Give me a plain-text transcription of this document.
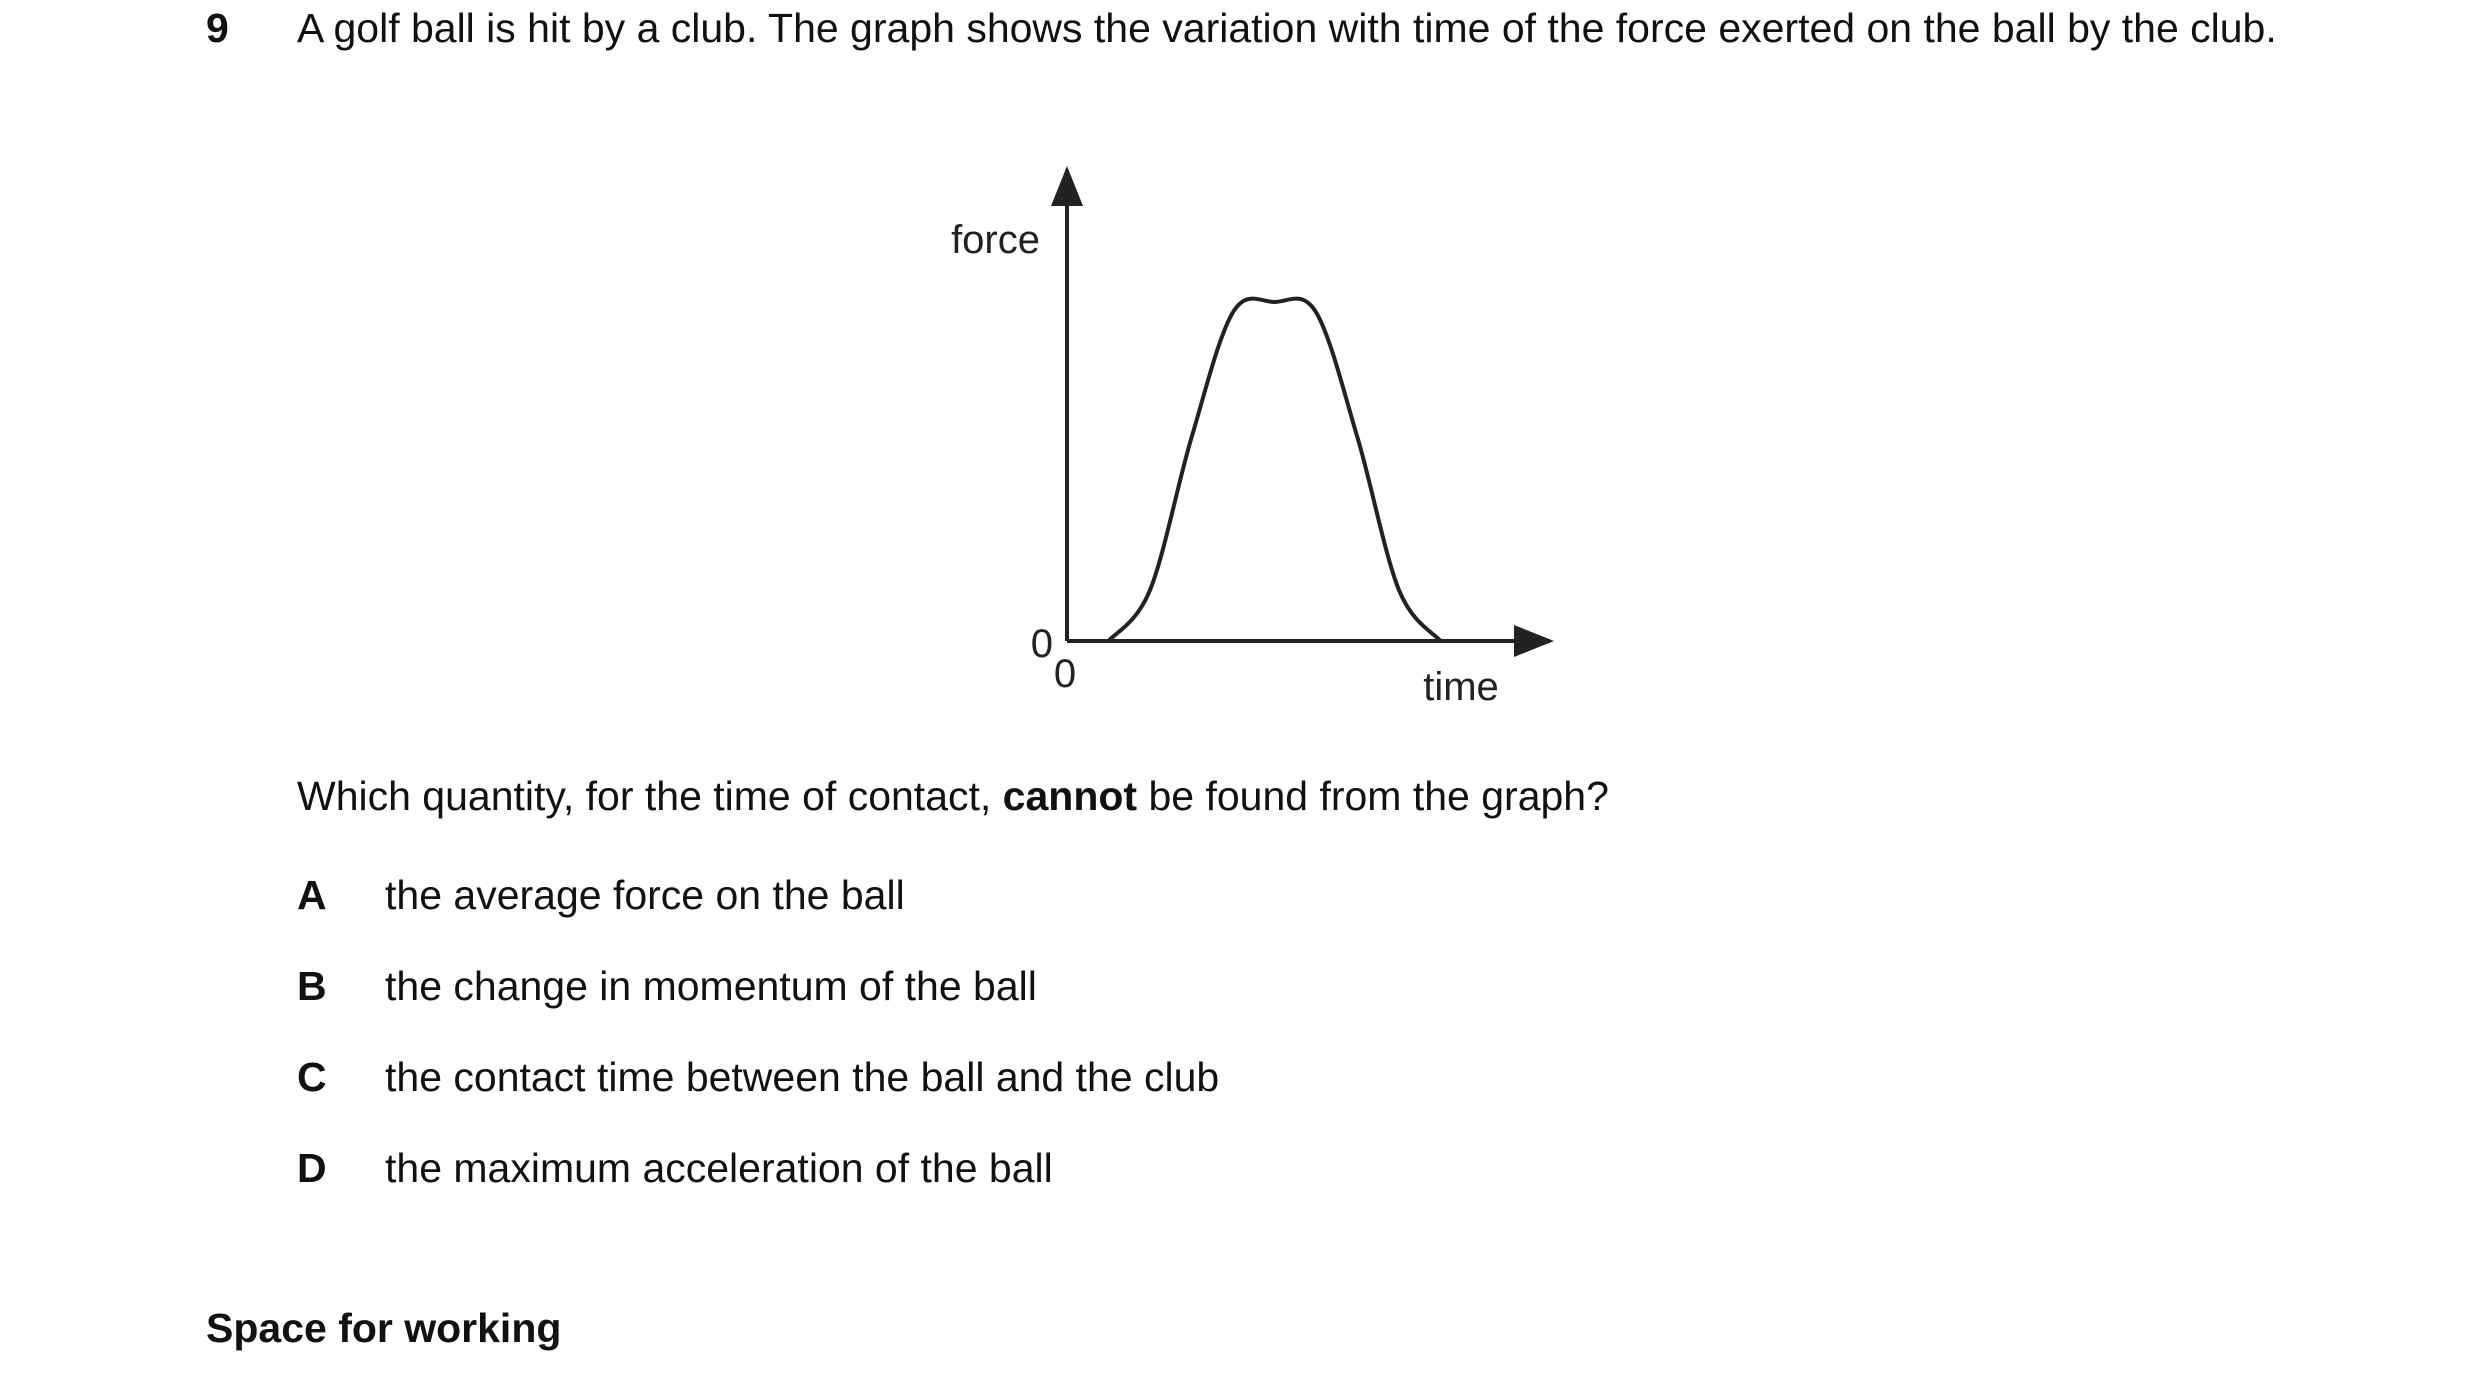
9 A golf ball is hit by a club. The graph shows the variation with time of the force exerted on the ball by the club.

force
time
0
0

Which quantity, for the time of contact, cannot be found from the graph?

A the average force on the ball
B the change in momentum of the ball
C the contact time between the ball and the club
D the maximum acceleration of the ball
Space for working
